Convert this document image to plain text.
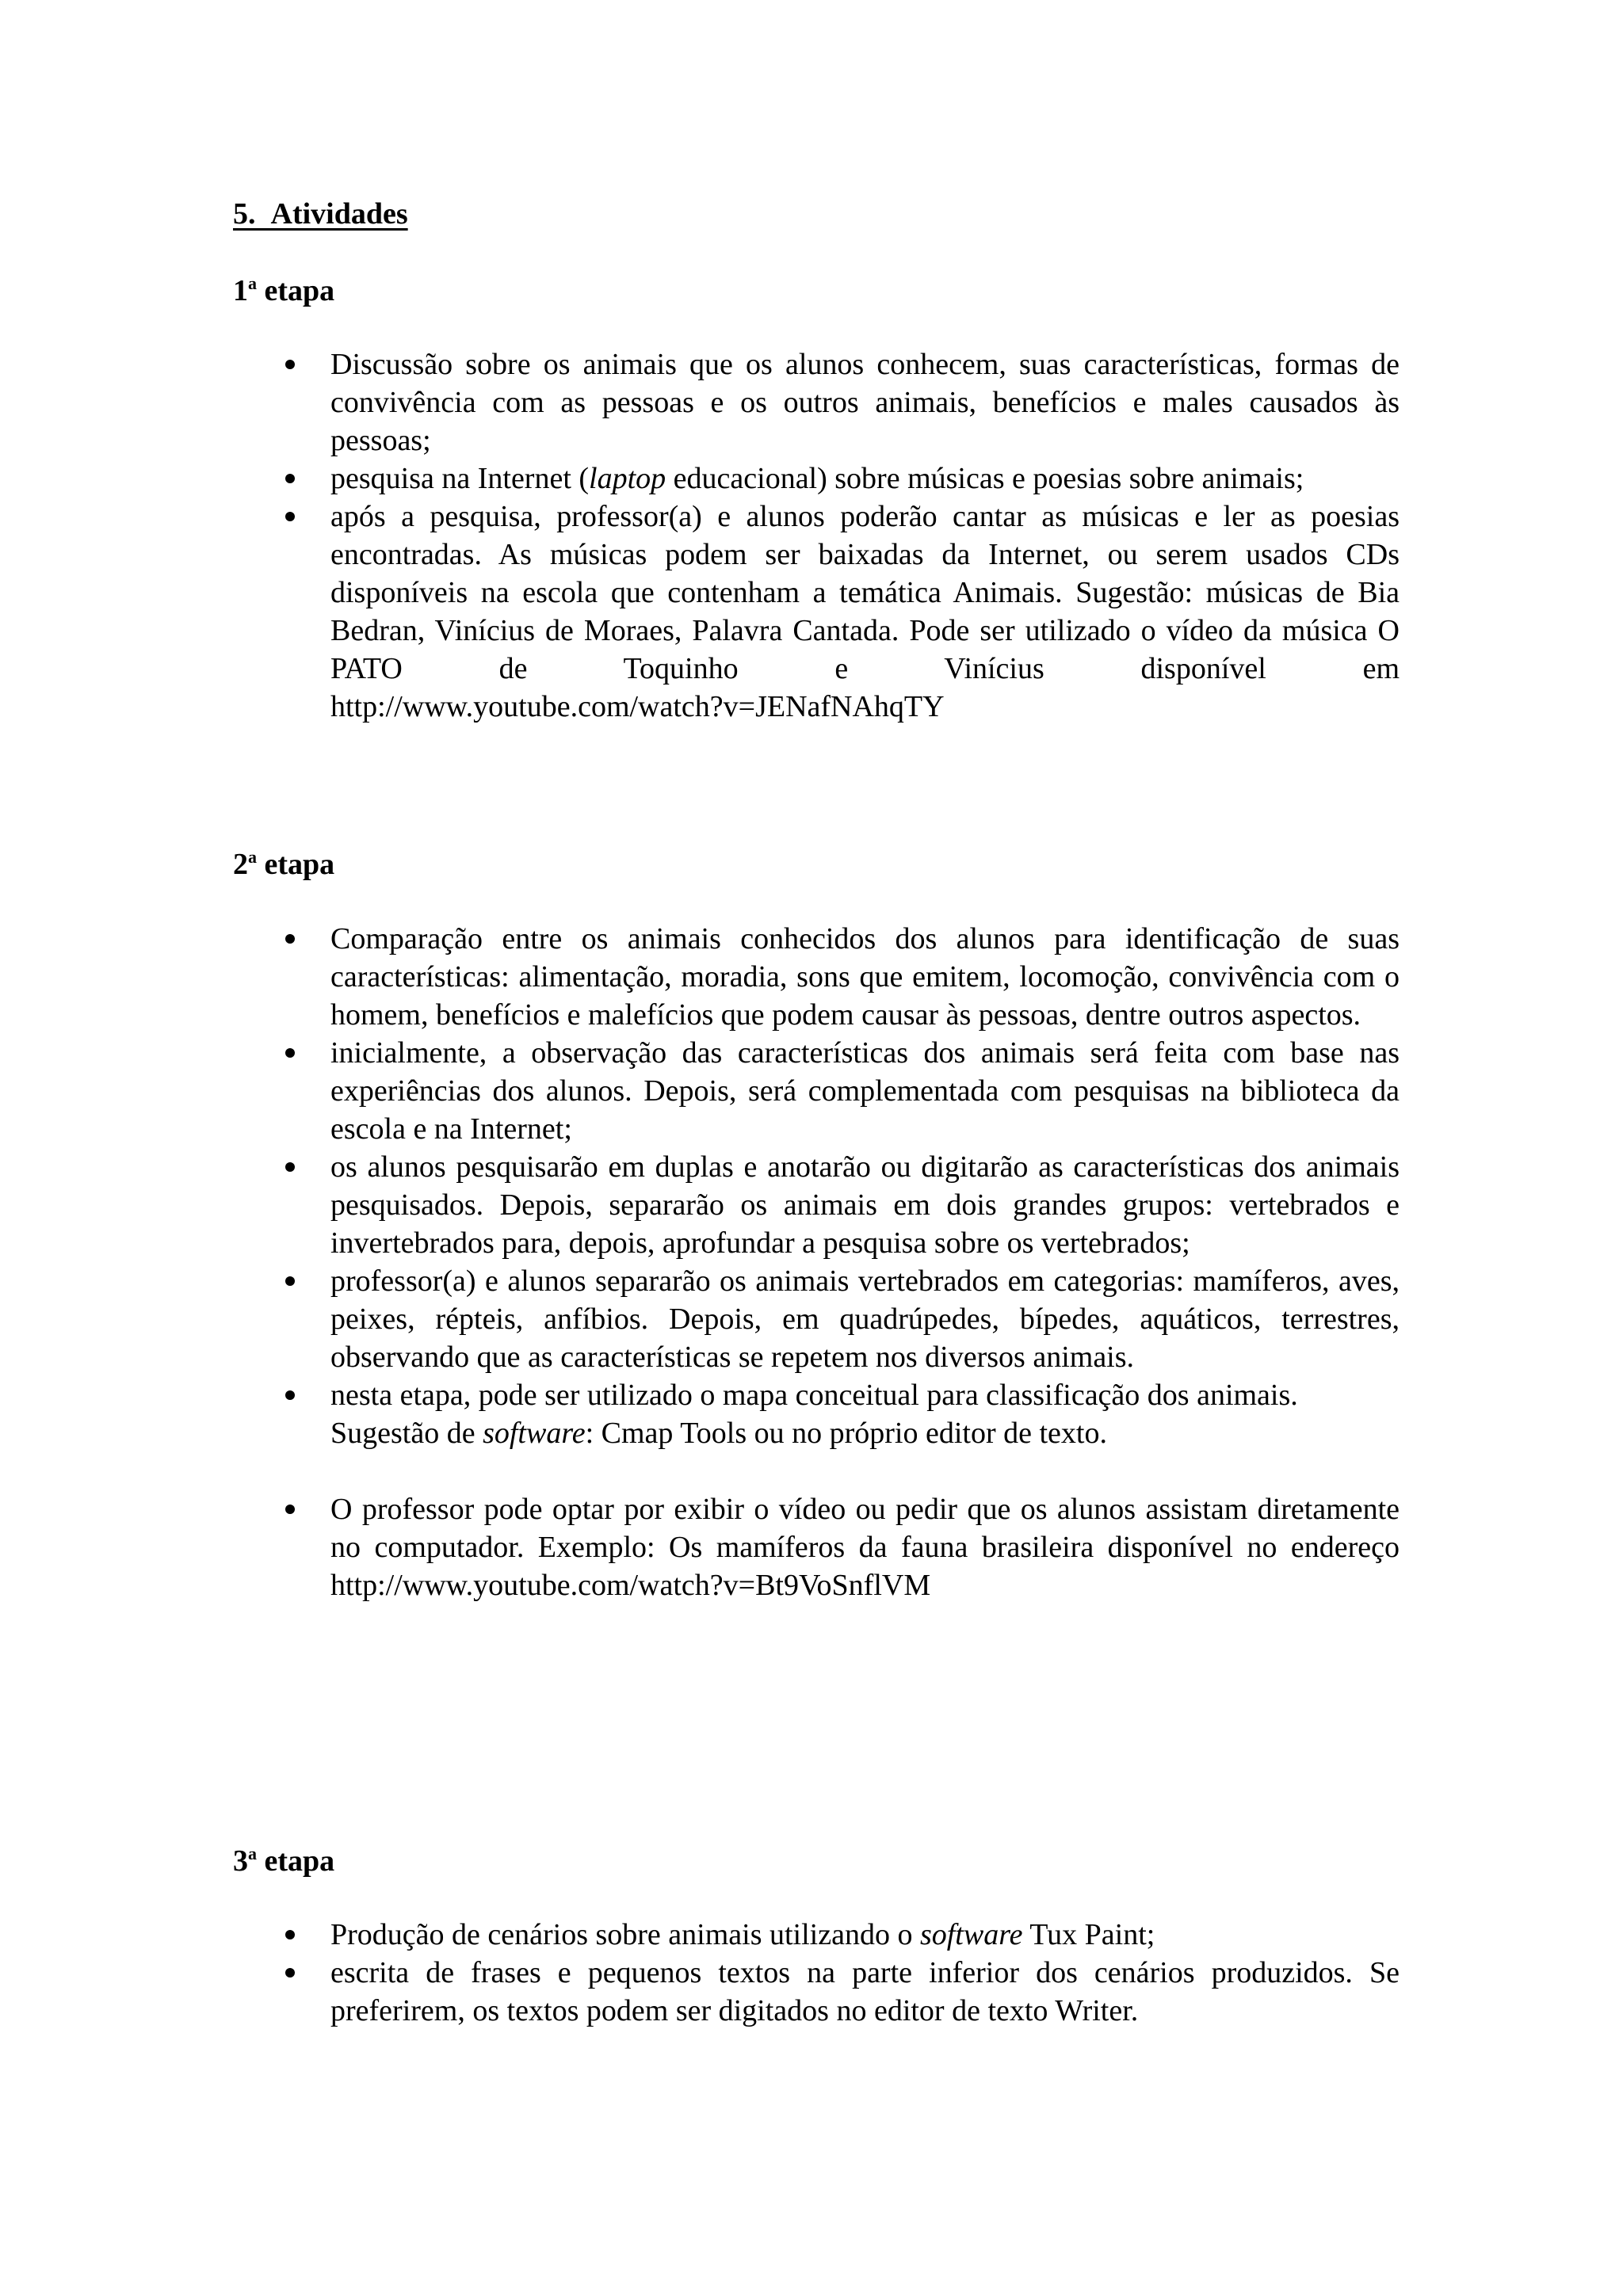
5. Atividades
1$^a$ etapa
Discussão sobre os animais que os alunos conhecem, suas características, formas de convivência com as pessoas e os outros animais, benefícios e males causados às pessoas;
pesquisa na Internet (laptop educacional) sobre músicas e poesias sobre animais;
após a pesquisa, professor(a) e alunos poderão cantar as músicas e ler as poesias encontradas. As músicas podem ser baixadas da Internet, ou serem usados CDs disponíveis na escola que contenham a temática Animais. Sugestão: músicas de Bia Bedran, Vinícius de Moraes, Palavra Cantada. Pode ser utilizado o vídeo da música O PATO de Toquinho e Vinícius disponível em http://www.youtube.com/watch?v=JENafNAhqTY
2$^a$ etapa
Comparação entre os animais conhecidos dos alunos para identificação de suas características: alimentação, moradia, sons que emitem, locomoção, convivência com o homem, benefícios e malefícios que podem causar às pessoas, dentre outros aspectos.
inicialmente, a observação das características dos animais será feita com base nas experiências dos alunos. Depois, será complementada com pesquisas na biblioteca da escola e na Internet;
os alunos pesquisarão em duplas e anotarão ou digitarão as características dos animais pesquisados. Depois, separarão os animais em dois grandes grupos: vertebrados e invertebrados para, depois, aprofundar a pesquisa sobre os vertebrados;
professor(a) e alunos separarão os animais vertebrados em categorias: mamíferos, aves, peixes, répteis, anfíbios. Depois, em quadrúpedes, bípedes, aquáticos, terrestres, observando que as características se repetem nos diversos animais.
nesta etapa, pode ser utilizado o mapa conceitual para classificação dos animais.
Sugestão de software: Cmap Tools ou no próprio editor de texto.
O professor pode optar por exibir o vídeo ou pedir que os alunos assistam diretamente no computador. Exemplo: Os mamíferos da fauna brasileira disponível no endereço http://www.youtube.com/watch?v=Bt9VoSnflVM
3$^a$ etapa
Produção de cenários sobre animais utilizando o software Tux Paint;
escrita de frases e pequenos textos na parte inferior dos cenários produzidos. Se preferirem, os textos podem ser digitados no editor de texto Writer.
